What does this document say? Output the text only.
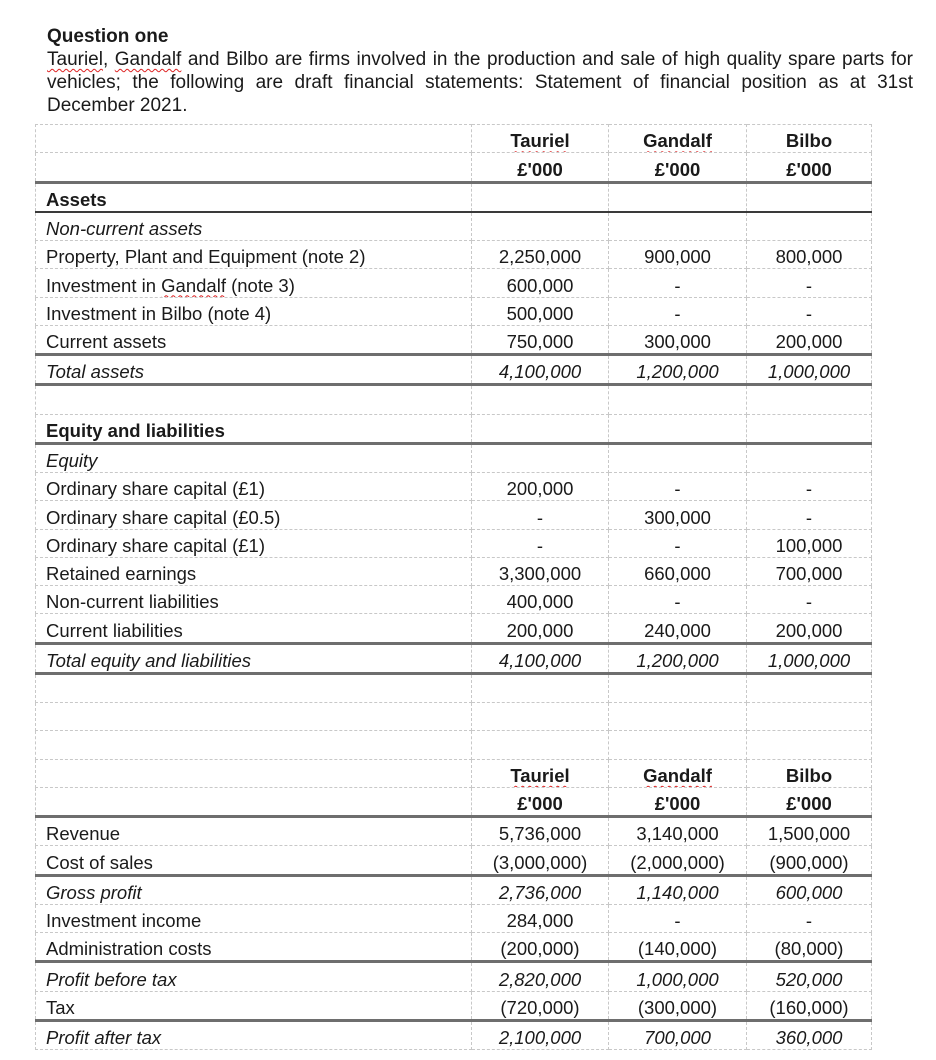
Question one
Tauriel, Gandalf and Bilbo are firms involved in the production and sale of high quality spare parts for vehicles; the following are draft financial statements: Statement of financial position as at 31st December 2021.
	Tauriel	Gandalf	Bilbo
	£'000	£'000	£'000
Assets			
Non-current assets			
Property, Plant and Equipment (note 2)	2,250,000	900,000	800,000
Investment in Gandalf (note 3)	600,000	-	-
Investment in Bilbo (note 4)	500,000	-	-
Current assets	750,000	300,000	200,000
Total assets	4,100,000	1,200,000	1,000,000

Equity and liabilities			
Equity			
Ordinary share capital (£1)	200,000	-	-
Ordinary share capital (£0.5)	-	300,000	-
Ordinary share capital (£1)	-	-	100,000
Retained earnings	3,300,000	660,000	700,000
Non-current liabilities	400,000	-	-
Current liabilities	200,000	240,000	200,000
Total equity and liabilities	4,100,000	1,200,000	1,000,000

	Tauriel	Gandalf	Bilbo
	£'000	£'000	£'000
Revenue	5,736,000	3,140,000	1,500,000
Cost of sales	(3,000,000)	(2,000,000)	(900,000)
Gross profit	2,736,000	1,140,000	600,000
Investment income	284,000	-	-
Administration costs	(200,000)	(140,000)	(80,000)
Profit before tax	2,820,000	1,000,000	520,000
Tax	(720,000)	(300,000)	(160,000)
Profit after tax	2,100,000	700,000	360,000
